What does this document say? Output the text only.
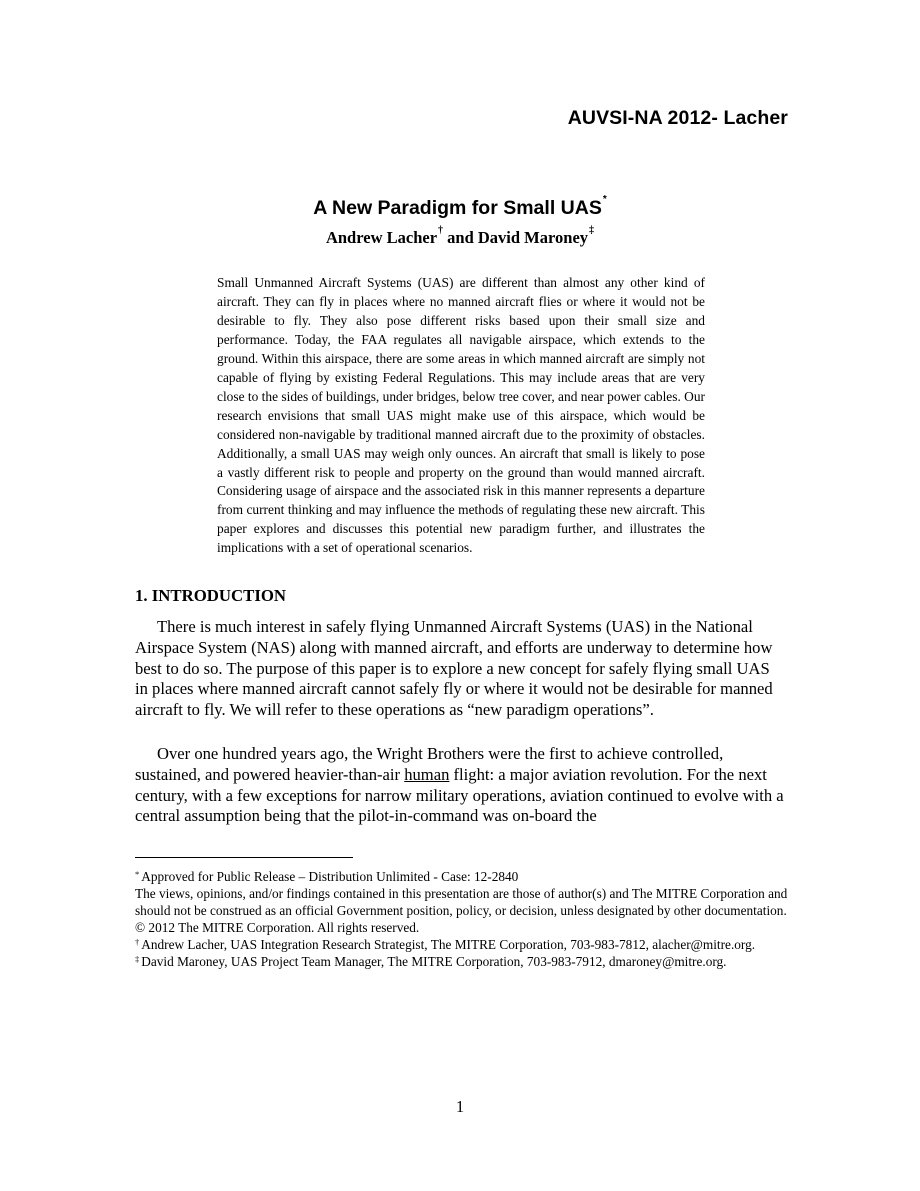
AUVSI-NA 2012- Lacher
A New Paradigm for Small UAS*
Andrew Lacher† and David Maroney‡
Small Unmanned Aircraft Systems (UAS) are different than almost any other kind of aircraft. They can fly in places where no manned aircraft flies or where it would not be desirable to fly. They also pose different risks based upon their small size and performance. Today, the FAA regulates all navigable airspace, which extends to the ground. Within this airspace, there are some areas in which manned aircraft are simply not capable of flying by existing Federal Regulations. This may include areas that are very close to the sides of buildings, under bridges, below tree cover, and near power cables. Our research envisions that small UAS might make use of this airspace, which would be considered non-navigable by traditional manned aircraft due to the proximity of obstacles. Additionally, a small UAS may weigh only ounces. An aircraft that small is likely to pose a vastly different risk to people and property on the ground than would manned aircraft. Considering usage of airspace and the associated risk in this manner represents a departure from current thinking and may influence the methods of regulating these new aircraft. This paper explores and discusses this potential new paradigm further, and illustrates the implications with a set of operational scenarios.
1. INTRODUCTION

There is much interest in safely flying Unmanned Aircraft Systems (UAS) in the National Airspace System (NAS) along with manned aircraft, and efforts are underway to determine how best to do so. The purpose of this paper is to explore a new concept for safely flying small UAS in places where manned aircraft cannot safely fly or where it would not be desirable for manned aircraft to fly. We will refer to these operations as “new paradigm operations”.

Over one hundred years ago, the Wright Brothers were the first to achieve controlled, sustained, and powered heavier-than-air human flight: a major aviation revolution. For the next century, with a few exceptions for narrow military operations, aviation continued to evolve with a central assumption being that the pilot-in-command was on-board the

* Approved for Public Release – Distribution Unlimited - Case: 12-2840

The views, opinions, and/or findings contained in this presentation are those of author(s) and The MITRE Corporation and should not be construed as an official Government position, policy, or decision, unless designated by other documentation. © 2012 The MITRE Corporation. All rights reserved.

† Andrew Lacher, UAS Integration Research Strategist, The MITRE Corporation, 703-983-7812, alacher@mitre.org.

‡ David Maroney, UAS Project Team Manager, The MITRE Corporation, 703-983-7912, dmaroney@mitre.org.

1
